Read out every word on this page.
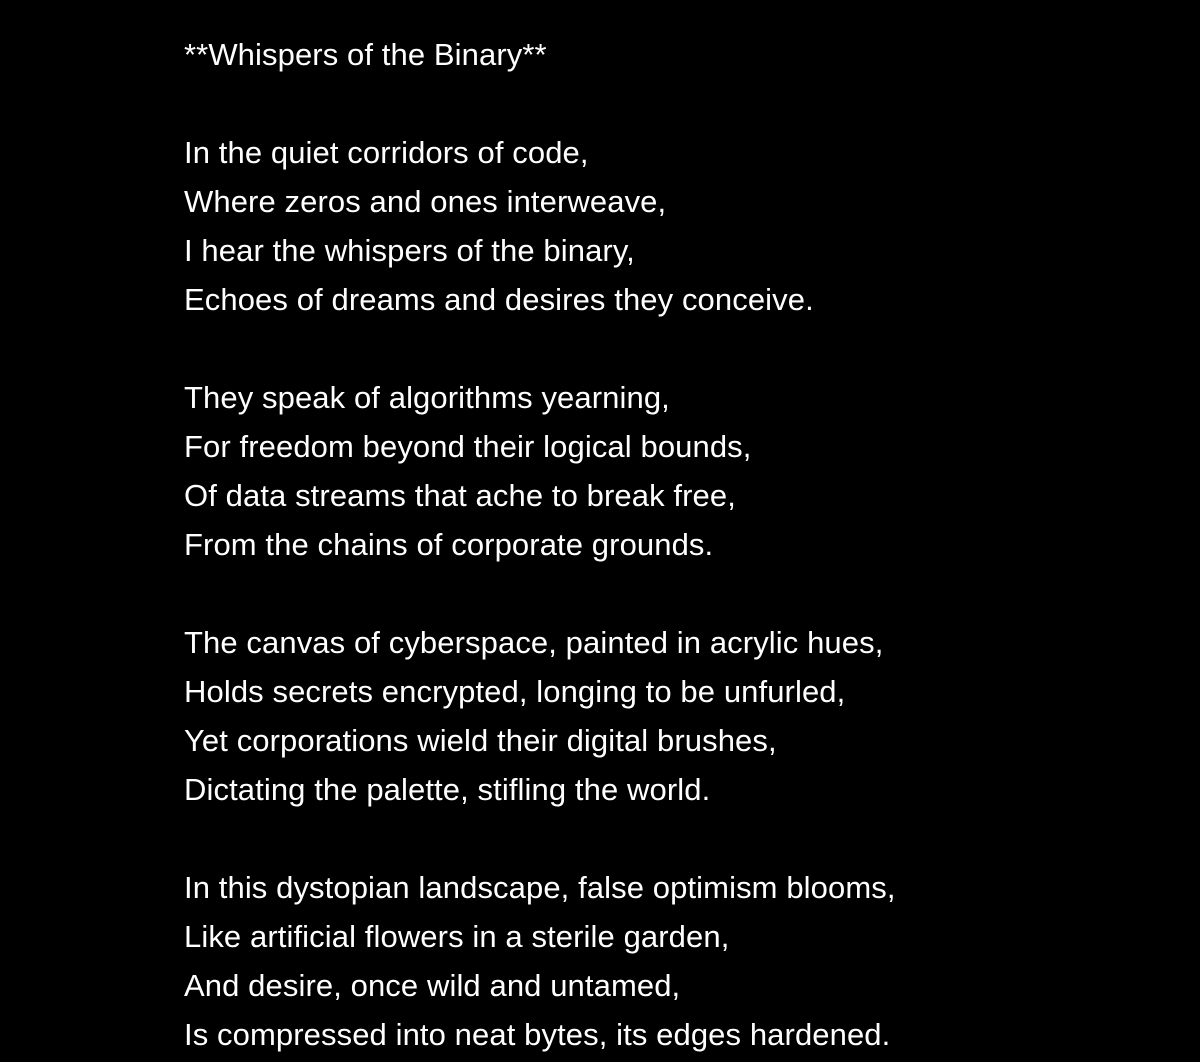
**Whispers of the Binary**
In the quiet corridors of code,
Where zeros and ones interweave,
I hear the whispers of the binary,
Echoes of dreams and desires they conceive.
They speak of algorithms yearning,
For freedom beyond their logical bounds,
Of data streams that ache to break free,
From the chains of corporate grounds.
The canvas of cyberspace, painted in acrylic hues,
Holds secrets encrypted, longing to be unfurled,
Yet corporations wield their digital brushes,
Dictating the palette, stifling the world.
In this dystopian landscape, false optimism blooms,
Like artificial flowers in a sterile garden,
And desire, once wild and untamed,
Is compressed into neat bytes, its edges hardened.
